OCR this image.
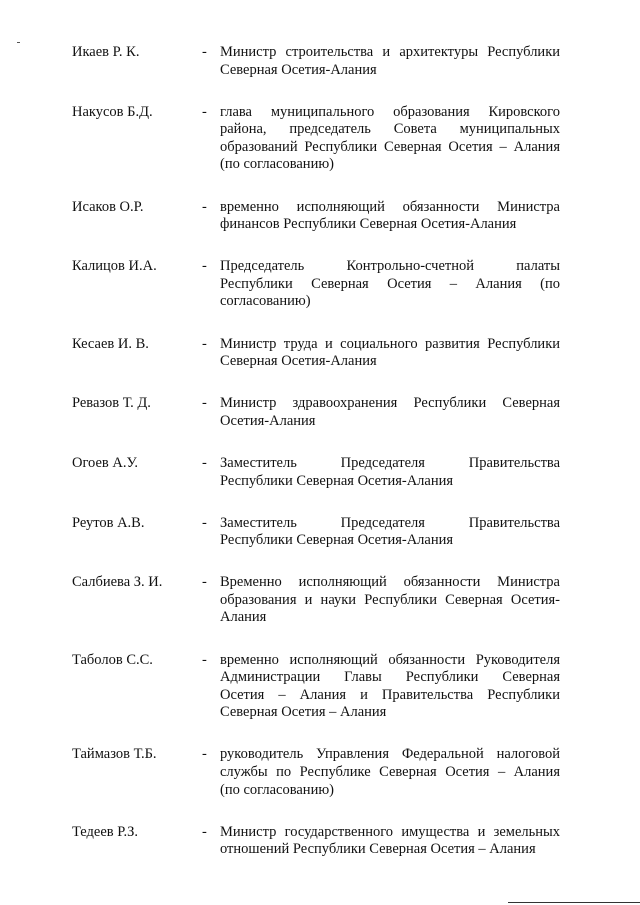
Икаев Р. К.	- Министр строительства и архитектуры Республики
Северная Осетия-Алания
Накусов Б.Д.	- глава муниципального образования Кировского
района, председатель Совета муниципальных
образований Республики Северная Осетия – Алания
(по согласованию)
Исаков О.Р.	- временно исполняющий обязанности Министра
финансов Республики Северная Осетия-Алания
Калицов И.А.	- Председатель Контрольно-счетной палаты
Республики Северная Осетия – Алания (по
согласованию)
Кесаев И. В.	- Министр труда и социального развития Республики
Северная Осетия-Алания
Ревазов Т. Д.	- Министр здравоохранения Республики Северная
Осетия-Алания
Огоев А.У.	- Заместитель Председателя Правительства
Республики Северная Осетия-Алания
Реутов А.В.	- Заместитель Председателя Правительства
Республики Северная Осетия-Алания
Салбиева З. И.	- Временно исполняющий обязанности Министра
образования и науки Республики Северная Осетия-
Алания
Таболов С.С.	- временно исполняющий обязанности Руководителя
Администрации Главы Республики Северная
Осетия – Алания и Правительства Республики
Северная Осетия – Алания
Таймазов Т.Б.	- руководитель Управления Федеральной налоговой
службы по Республике Северная Осетия – Алания
(по согласованию)
Тедеев Р.З.	- Министр государственного имущества и земельных
отношений Республики Северная Осетия – Алания
